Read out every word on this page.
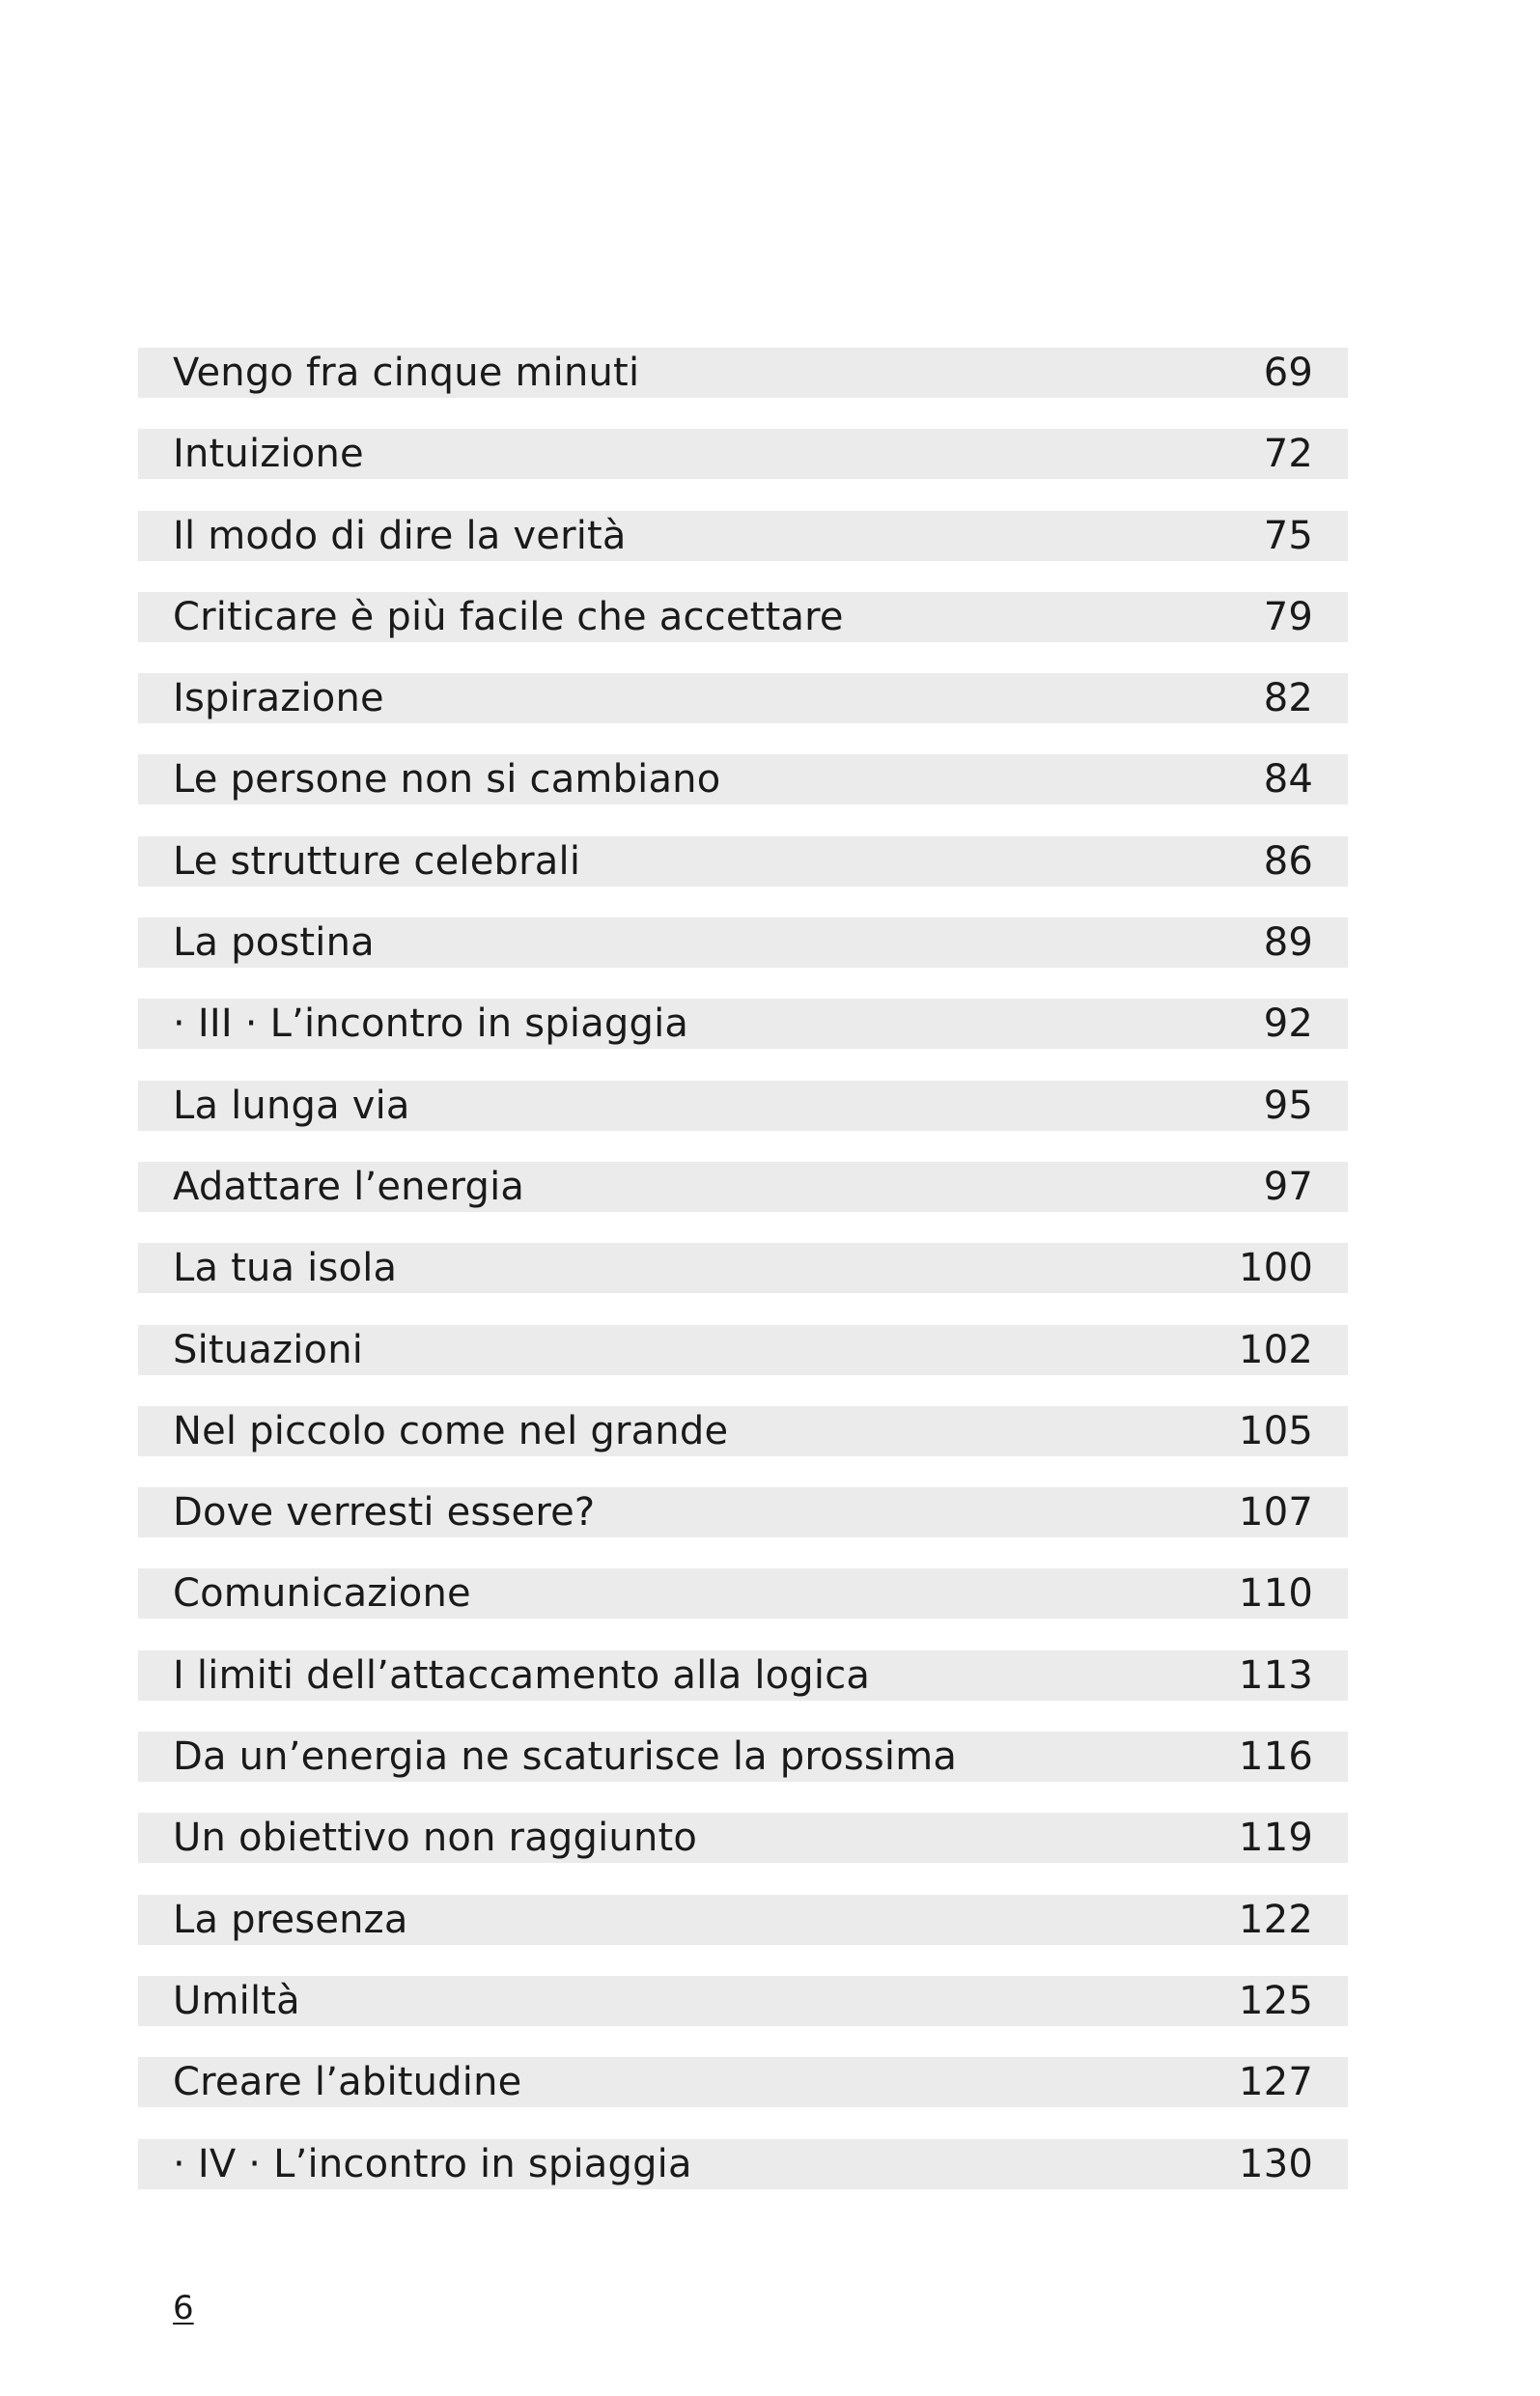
Vengo fra cinque minuti	69
Intuizione	72
Il modo di dire la verità	75
Criticare è più facile che accettare	79
Ispirazione	82
Le persone non si cambiano	84
Le strutture celebrali	86
La postina	89
· III · L’incontro in spiaggia	92
La lunga via	95
Adattare l’energia	97
La tua isola	100
Situazioni	102
Nel piccolo come nel grande	105
Dove verresti essere?	107
Comunicazione	110
I limiti dell’attaccamento alla logica	113
Da un’energia ne scaturisce la prossima	116
Un obiettivo non raggiunto	119
La presenza	122
Umiltà	125
Creare l’abitudine	127
· IV · L’incontro in spiaggia	130
6
